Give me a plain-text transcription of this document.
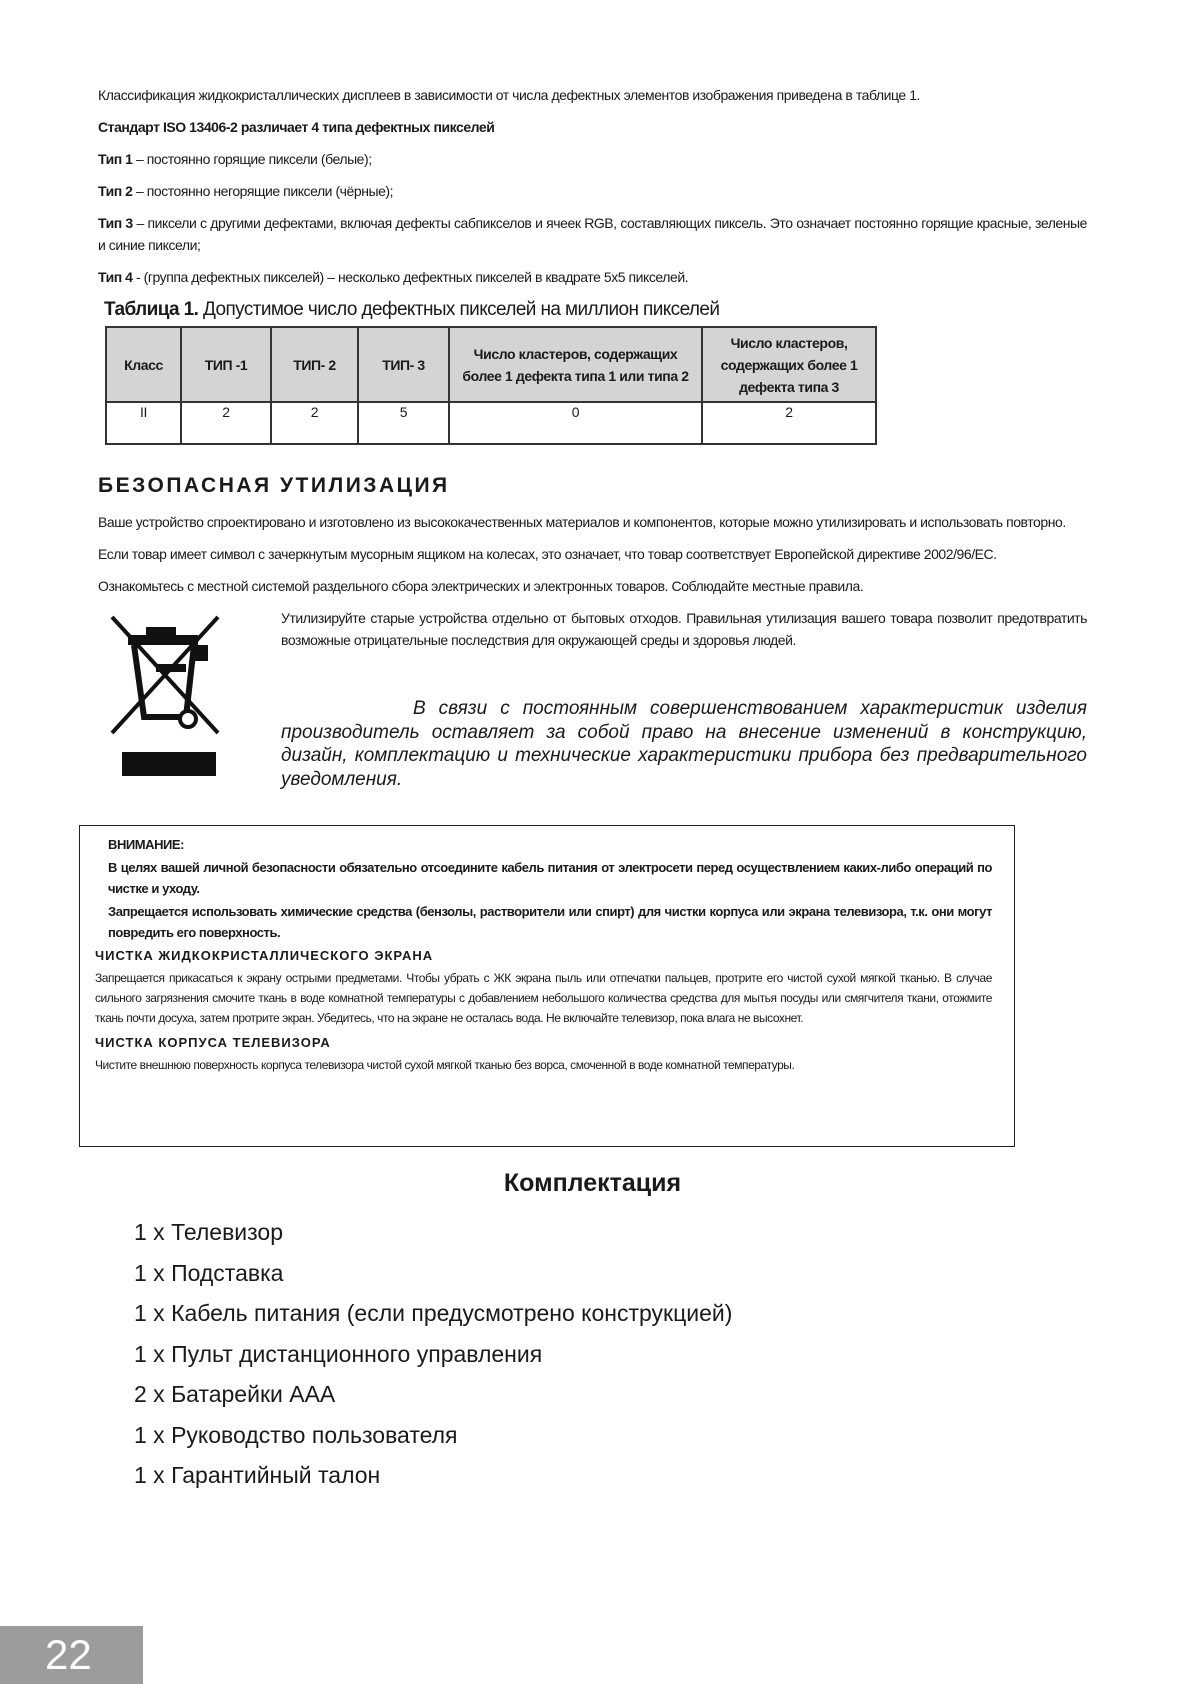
Классификация жидкокристаллических дисплеев в зависимости от числа дефектных элементов изображения приведена в таблице 1.
Стандарт ISO 13406-2 различает 4 типа дефектных пикселей
Тип 1 – постоянно горящие пиксели (белые);
Тип 2 – постоянно негорящие пиксели (чёрные);
Тип 3 – пиксели с другими дефектами, включая дефекты сабпикселов и ячеек RGB, составляющих пиксель. Это означает постоянно горящие красные, зеленые и синие пиксели;
Тип 4 - (группа дефектных пикселей) – несколько дефектных пикселей в квадрате 5х5 пикселей.
Таблица 1. Допустимое число дефектных пикселей на миллион пикселей
Класс	ТИП -1	ТИП- 2	ТИП- 3	Число кластеров, содержащих более 1 дефекта типа 1 или типа 2	Число кластеров, содержащих более 1 дефекта типа 3
II	2	2	5	0	2
БЕЗОПАСНАЯ УТИЛИЗАЦИЯ
Ваше устройство спроектировано и изготовлено из высококачественных материалов и компонентов, которые можно утилизировать и использовать повторно.
Если товар имеет символ с зачеркнутым мусорным ящиком на колесах, это означает, что товар соответствует Европейской директиве 2002/96/ЕС.
Ознакомьтесь с местной системой раздельного сбора электрических и электронных товаров. Соблюдайте местные правила.
Утилизируйте старые устройства отдельно от бытовых отходов. Правильная утилизация вашего товара позволит предотвратить возможные отрицательные последствия для окружающей среды и здоровья людей.
В связи с постоянным совершенствованием характеристик изделия производитель оставляет за собой право на внесение изменений в конструкцию, дизайн, комплектацию и технические характеристики прибора без предварительного уведомления.
ВНИМАНИЕ:
В целях вашей личной безопасности обязательно отсоедините кабель питания от электросети перед осуществлением каких-либо операций по чистке и уходу.
Запрещается использовать химические средства (бензолы, растворители или спирт) для чистки корпуса или экрана телевизора, т.к. они могут повредить его поверхность.
ЧИСТКА ЖИДКОКРИСТАЛЛИЧЕСКОГО ЭКРАНА
Запрещается прикасаться к экрану острыми предметами. Чтобы убрать с ЖК экрана пыль или отпечатки пальцев, протрите его чистой сухой мягкой тканью. В случае сильного загрязнения смочите ткань в воде комнатной температуры с добавлением небольшого количества средства для мытья посуды или смягчителя ткани, отожмите ткань почти досуха, затем протрите экран. Убедитесь, что на экране не осталась вода. Не включайте телевизор, пока влага не высохнет.
ЧИСТКА КОРПУСА ТЕЛЕВИЗОРА
Чистите внешнюю поверхность корпуса телевизора чистой сухой мягкой тканью без ворса, смоченной в воде комнатной температуры.
Комплектация
1 х Телевизор
1 х Подставка
1 х Кабель питания (если предусмотрено конструкцией)
1 х Пульт дистанционного управления
2 х Батарейки ААА
1 х Руководство пользователя
1 х Гарантийный талон
22
